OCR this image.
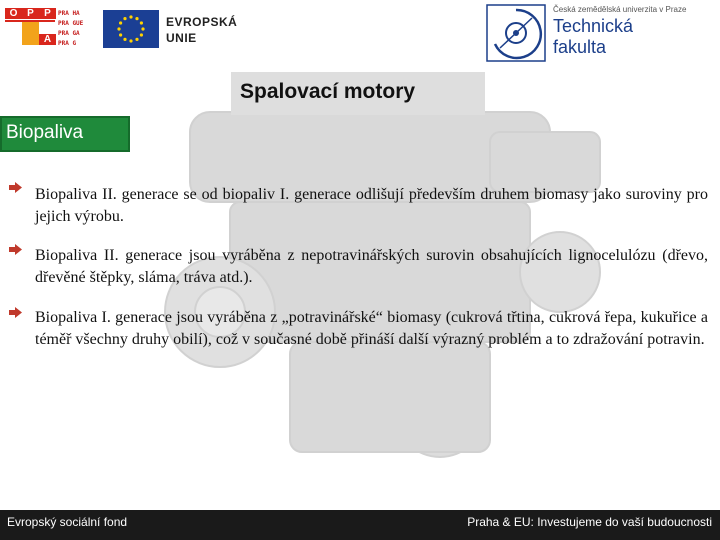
O P	P
A
PRA HA
PRA GUE
PRA GA
PRA G
EVROPSKÁ
UNIE
Česká zemědělská univerzita v Praze
Technická
fakulta
Spalovací motory
Biopaliva
Biopaliva II. generace se od biopaliv I. generace odlišují především druhem biomasy jako suroviny pro jejich výrobu.
Biopaliva II. generace jsou vyráběna z nepotravinářských surovin obsahujících lignocelulózu (dřevo, dřevěné štěpky, sláma, tráva atd.).
Biopaliva I. generace jsou vyráběna z „potravinářské“ biomasy (cukrová třtina, cukrová řepa, kukuřice a téměř všechny druhy obilí), což v současné době přináší další výrazný problém a to zdražování potravin.
Evropský sociální fond	Praha & EU: Investujeme do vaší budoucnosti
